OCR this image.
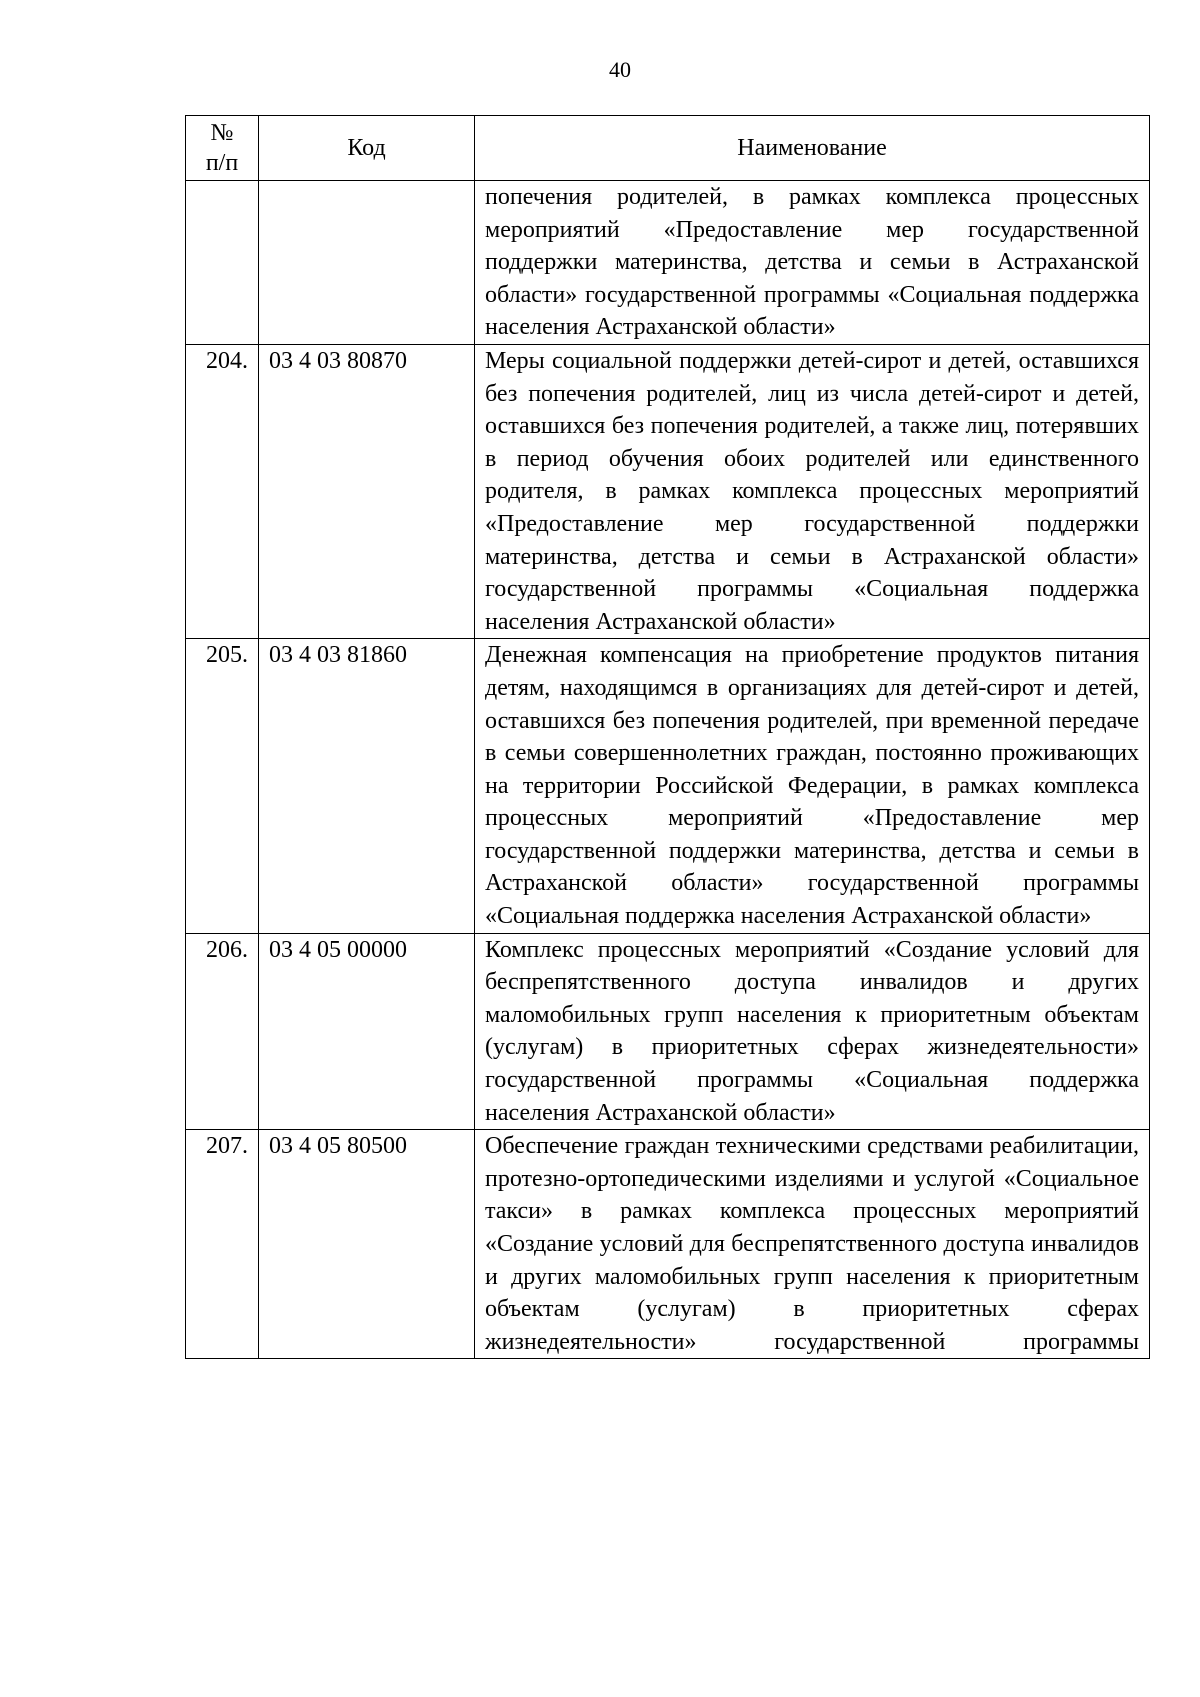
40
№
п/п	Код	Наименование
		попечения родителей, в рамках комплекса процессных мероприятий «Предоставление мер государственной поддержки материнства, детства и семьи в Астраханской области» государственной программы «Социальная поддержка населения Астраханской области»
204.	03 4 03 80870	Меры социальной поддержки детей-сирот и детей, оставшихся без попечения родителей, лиц из числа детей-сирот и детей, оставшихся без попечения родителей, а также лиц, потерявших в период обучения обоих родителей или единственного родителя, в рамках комплекса процессных мероприятий «Предоставление мер государственной поддержки материнства, детства и семьи в Астраханской области» государственной программы «Социальная поддержка населения Астраханской области»
205.	03 4 03 81860	Денежная компенсация на приобретение продуктов питания детям, находящимся в организациях для детей-сирот и детей, оставшихся без попечения родителей, при временной передаче в семьи совершеннолетних граждан, постоянно проживающих на территории Российской Федерации, в рамках комплекса процессных мероприятий «Предоставление мер государственной поддержки материнства, детства и семьи в Астраханской области» государственной программы «Социальная поддержка населения Астраханской области»
206.	03 4 05 00000	Комплекс процессных мероприятий «Создание условий для беспрепятственного доступа инвалидов и других маломобильных групп населения к приоритетным объектам (услугам) в приоритетных сферах жизнедеятельности» государственной программы «Социальная поддержка населения Астраханской области»
207.	03 4 05 80500	Обеспечение граждан техническими средствами реабилитации, протезно-ортопедическими изделиями и услугой «Социальное такси» в рамках комплекса процессных мероприятий «Создание условий для беспрепятственного доступа инвалидов и других маломобильных групп населения к приоритетным объектам (услугам) в приоритетных сферах жизнедеятельности» государственной программы
